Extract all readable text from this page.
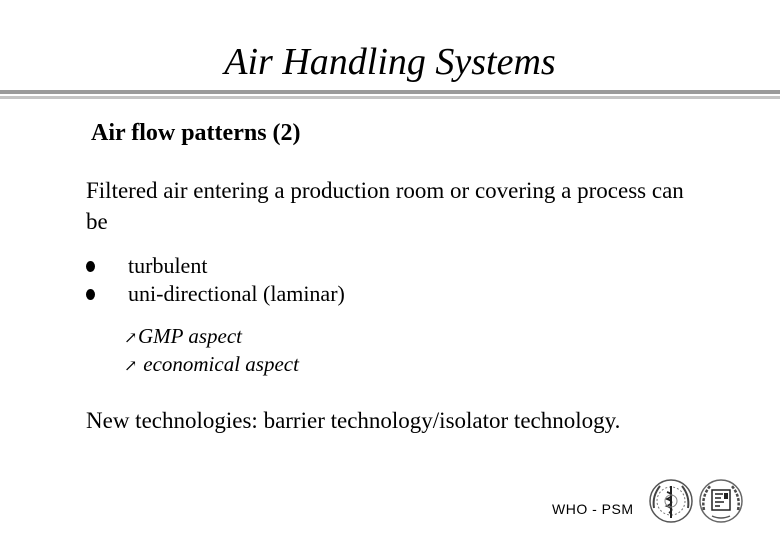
Air Handling Systems
Air flow patterns (2)
Filtered air entering a production room or covering a process can be
turbulent
uni-directional (laminar)
↗GMP aspect
↗ economical aspect
New technologies: barrier technology/isolator technology.
WHO - PSM
